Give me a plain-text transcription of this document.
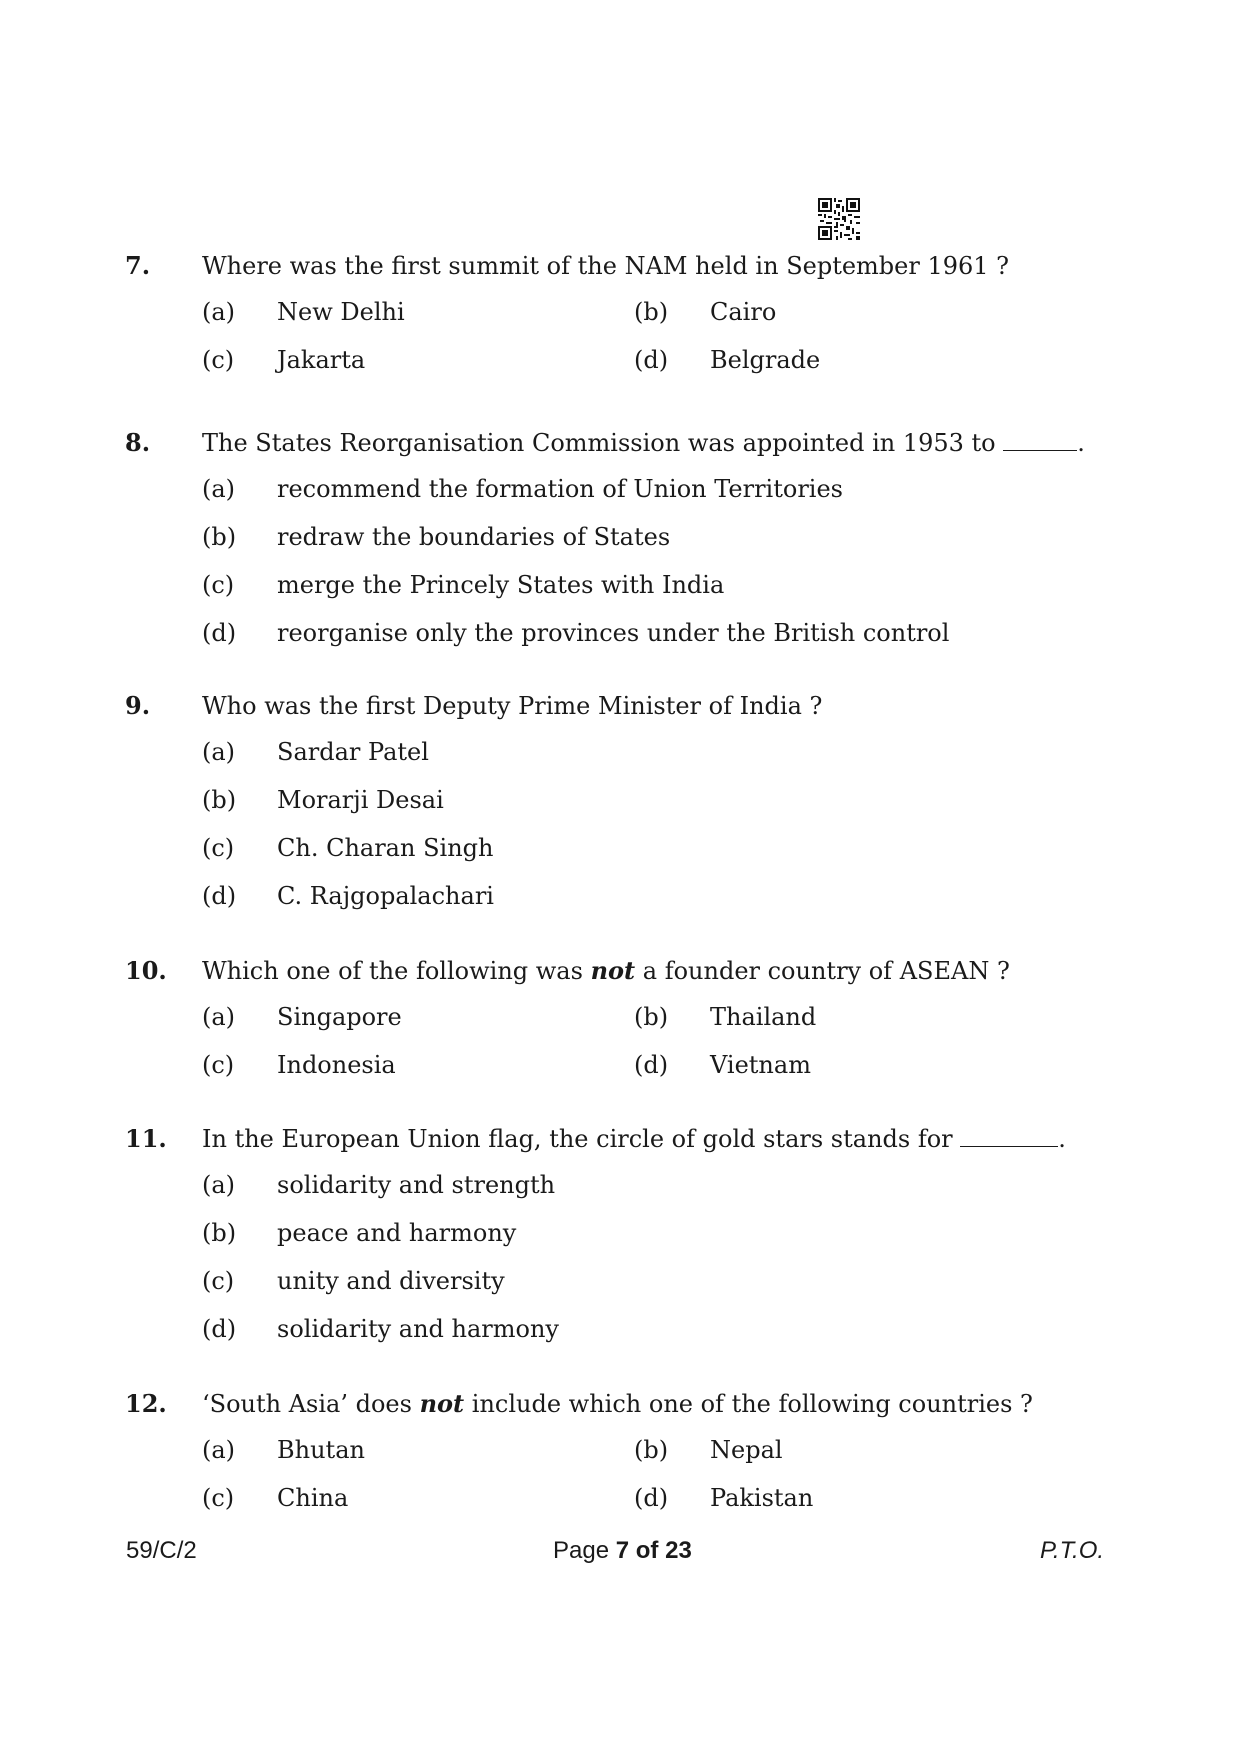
7. Where was the first summit of the NAM held in September 1961 ?
(a) New Delhi	(b) Cairo
(c) Jakarta	(d) Belgrade
8. The States Reorganisation Commission was appointed in 1953 to	.
(a) recommend the formation of Union Territories
(b) redraw the boundaries of States
(c) merge the Princely States with India
(d) reorganise only the provinces under the British control
9. Who was the first Deputy Prime Minister of India ?
(a) Sardar Patel
(b) Morarji Desai
(c) Ch. Charan Singh
(d) C. Rajgopalachari
10. Which one of the following was not a founder country of ASEAN ?
(a) Singapore	(b) Thailand
(c) Indonesia	(d) Vietnam
11. In the European Union flag, the circle of gold stars stands for	.
(a) solidarity and strength
(b) peace and harmony
(c) unity and diversity
(d) solidarity and harmony
12. ‘South Asia’ does not include which one of the following countries ?
(a) Bhutan	(b) Nepal
(c) China	(d) Pakistan
59/C/2	Page 7 of 23	P.T.O.
